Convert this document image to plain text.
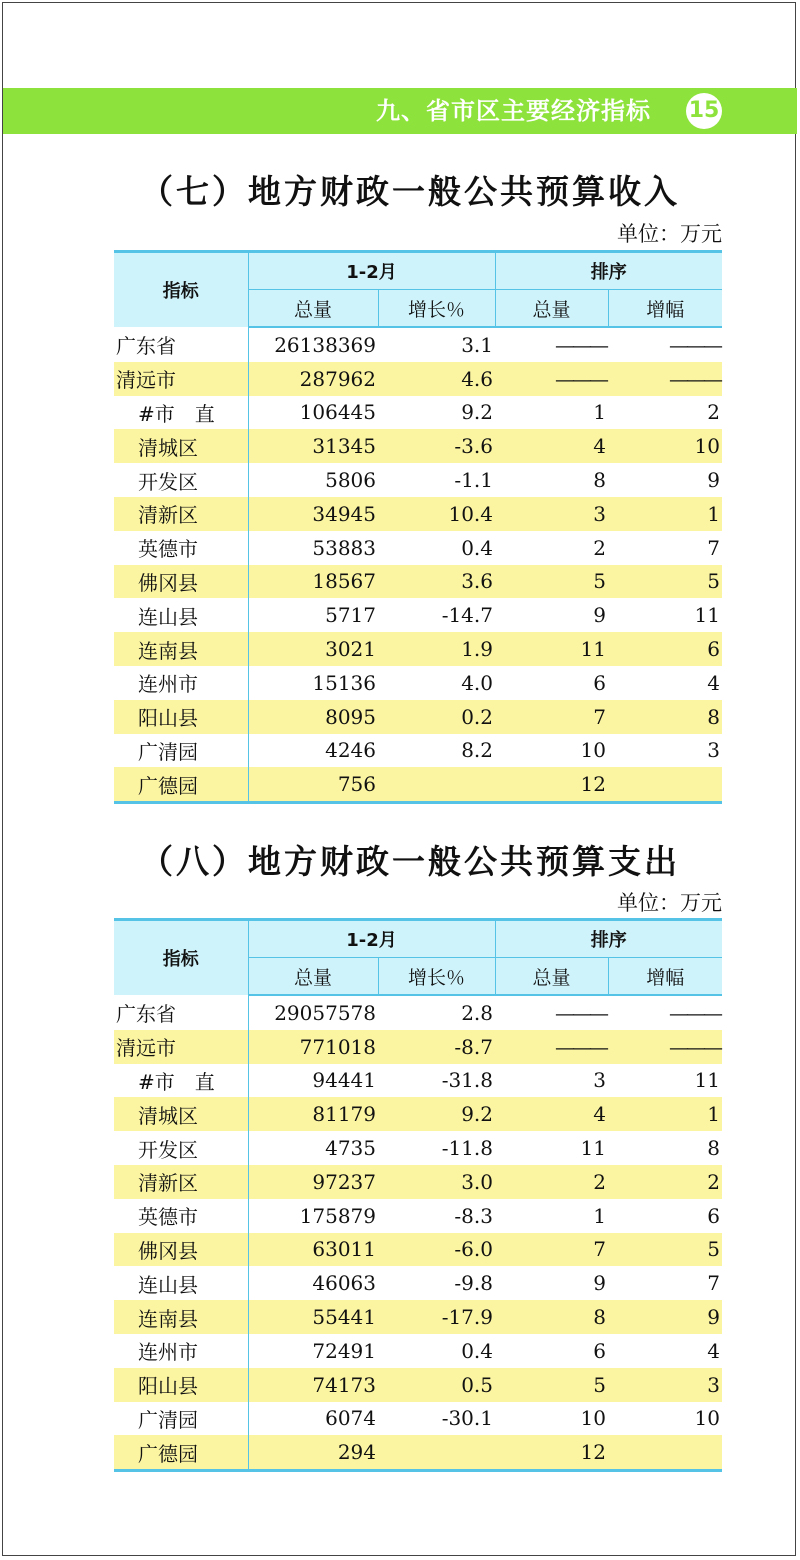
九、省市区主要经济指标 15
（七）地方财政一般公共预算收入
单位：万元
指标	1-2月		排序	
	总量	增长％	总量	增幅
广东省	26138369	3.1	———	———
清远市	287962	4.6	———	———
#市　直	106445	9.2	1	2
清城区	31345	-3.6	4	10
开发区	5806	-1.1	8	9
清新区	34945	10.4	3	1
英德市	53883	0.4	2	7
佛冈县	18567	3.6	5	5
连山县	5717	-14.7	9	11
连南县	3021	1.9	11	6
连州市	15136	4.0	6	4
阳山县	8095	0.2	7	8
广清园	4246	8.2	10	3
广德园	756		12	
（八）地方财政一般公共预算支出
单位：万元
指标	1-2月		排序	
	总量	增长％	总量	增幅
广东省	29057578	2.8	———	———
清远市	771018	-8.7	———	———
#市　直	94441	-31.8	3	11
清城区	81179	9.2	4	1
开发区	4735	-11.8	11	8
清新区	97237	3.0	2	2
英德市	175879	-8.3	1	6
佛冈县	63011	-6.0	7	5
连山县	46063	-9.8	9	7
连南县	55441	-17.9	8	9
连州市	72491	0.4	6	4
阳山县	74173	0.5	5	3
广清园	6074	-30.1	10	10
广德园	294		12	
